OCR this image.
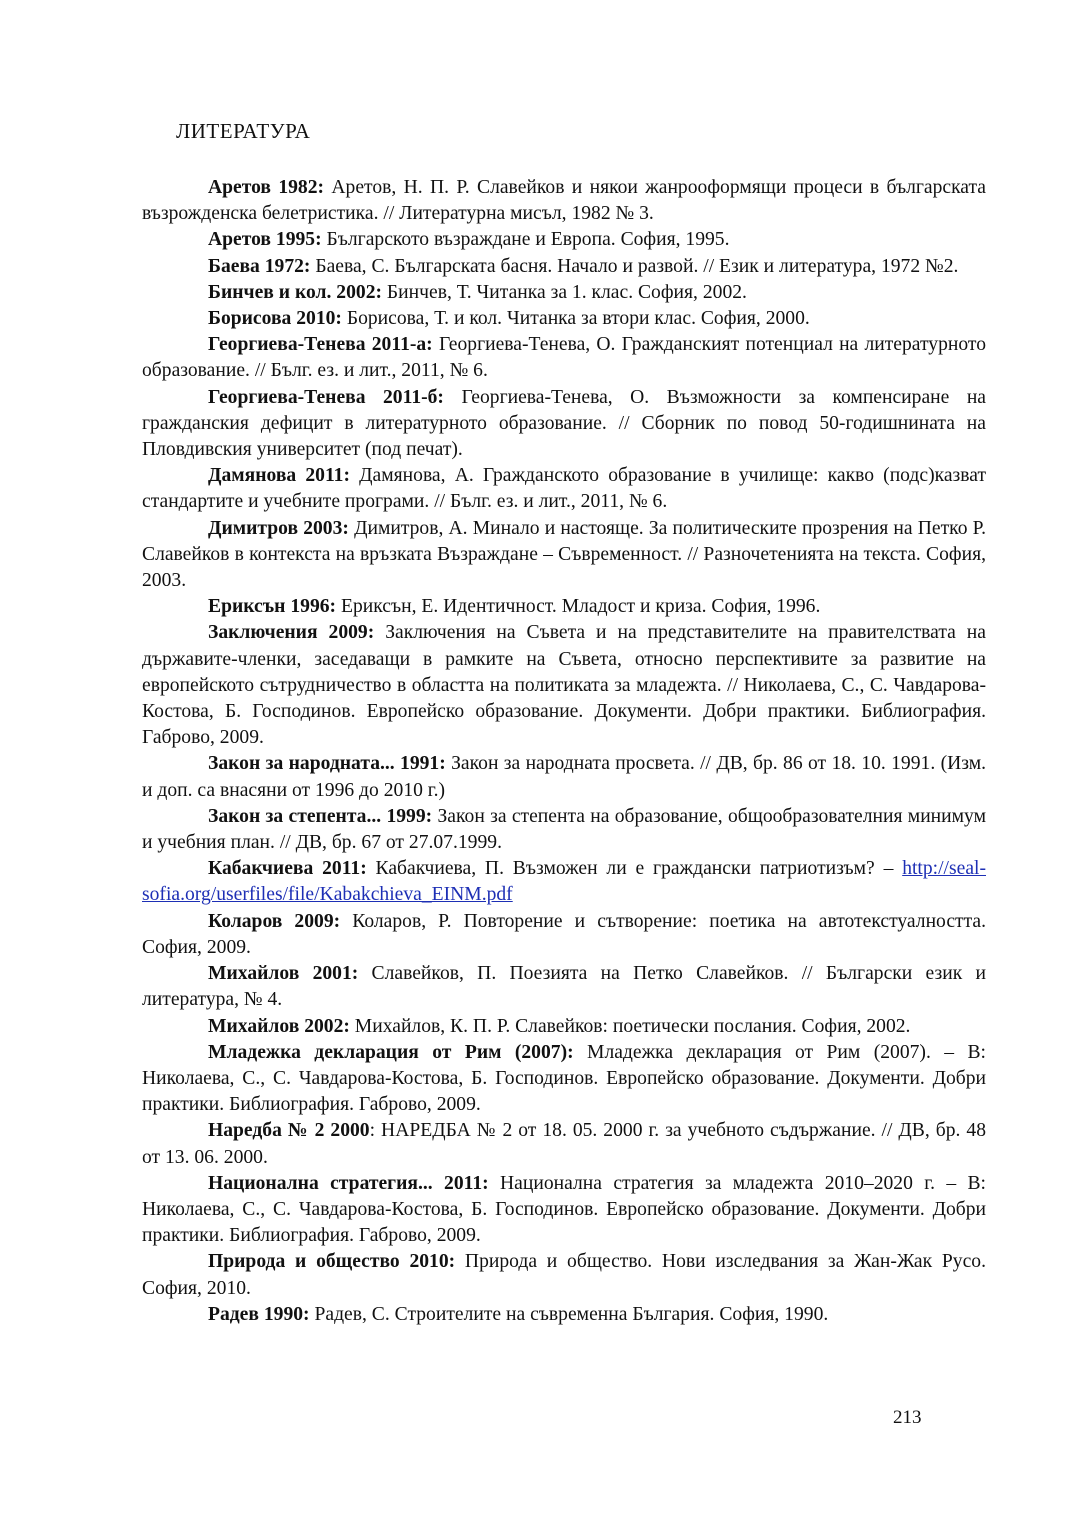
ЛИТЕРАТУРА

Аретов 1982: Аретов, Н. П. Р. Славейков и някои жанрооформящи процеси в българската възрожденска белетристика. // Литературна мисъл, 1982 № 3.

Аретов 1995: Българското възраждане и Европа. София, 1995.

Баева 1972: Баева, С. Българската басня. Начало и развой. // Език и литература, 1972 №2.

Бинчев и кол. 2002: Бинчев, Т. Читанка за 1. клас. София, 2002.

Борисова 2010: Борисова, Т. и кол. Читанка за втори клас. София, 2000.

Георгиева-Тенева 2011-а: Георгиева-Тенева, О. Гражданският потенциал на литературното образование. // Бълг. ез. и лит., 2011, № 6.

Георгиева-Тенева 2011-б: Георгиева-Тенева, О. Възможности за компенсиране на гражданския дефицит в литературното образование. // Сборник по повод 50-годишнината на Пловдивския университет (под печат).

Дамянова 2011: Дамянова, А. Гражданското образование в училище: какво (подс)казват стандартите и учебните програми. // Бълг. ез. и лит., 2011, № 6.

Димитров 2003: Димитров, А. Минало и настояще. За политическите прозрения на Петко Р. Славейков в контекста на връзката Възраждане – Съвременност. // Разночетенията на текста. София, 2003.

Ериксън 1996: Ериксън, Е. Идентичност. Младост и криза. София, 1996.

Заключения 2009: Заключения на Съвета и на представителите на правителствата на държавите-членки, заседаващи в рамките на Съвета, относно перспективите за развитие на европейското сътрудничество в областта на политиката за младежта. // Николаева, С., С. Чавдарова-Костова, Б. Господинов. Европейско образование. Документи. Добри практики. Библиография. Габрово, 2009.

Закон за народната... 1991: Закон за народната просвета. // ДВ, бр. 86 от 18. 10. 1991. (Изм. и доп. са внасяни от 1996 до 2010 г.)

Закон за степента... 1999: Закон за степента на образование, общообразователния минимум и учебния план. // ДВ, бр. 67 от 27.07.1999.

Кабакчиева 2011: Кабакчиева, П. Възможен ли е граждански патриотизъм? – http://seal-sofia.org/userfiles/file/Kabakchieva_EINM.pdf

Коларов 2009: Коларов, Р. Повторение и сътворение: поетика на автотекстуалността. София, 2009.

Михайлов 2001: Славейков, П. Поезията на Петко Славейков. // Български език и литература, № 4.

Михайлов 2002: Михайлов, К. П. Р. Славейков: поетически послания. София, 2002.

Младежка декларация от Рим (2007): Младежка декларация от Рим (2007). – В: Николаева, С., С. Чавдарова-Костова, Б. Господинов. Европейско образование. Документи. Добри практики. Библиография. Габрово, 2009.

Наредба № 2 2000: НАРЕДБА № 2 от 18. 05. 2000 г. за учебното съдържание. // ДВ, бр. 48 от 13. 06. 2000.

Национална стратегия... 2011: Национална стратегия за младежта 2010–2020 г. – В: Николаева, С., С. Чавдарова-Костова, Б. Господинов. Европейско образование. Документи. Добри практики. Библиография. Габрово, 2009.

Природа и общество 2010: Природа и общество. Нови изследвания за Жан-Жак Русо. София, 2010.

Радев 1990: Радев, С. Строителите на съвременна България. София, 1990.

213
